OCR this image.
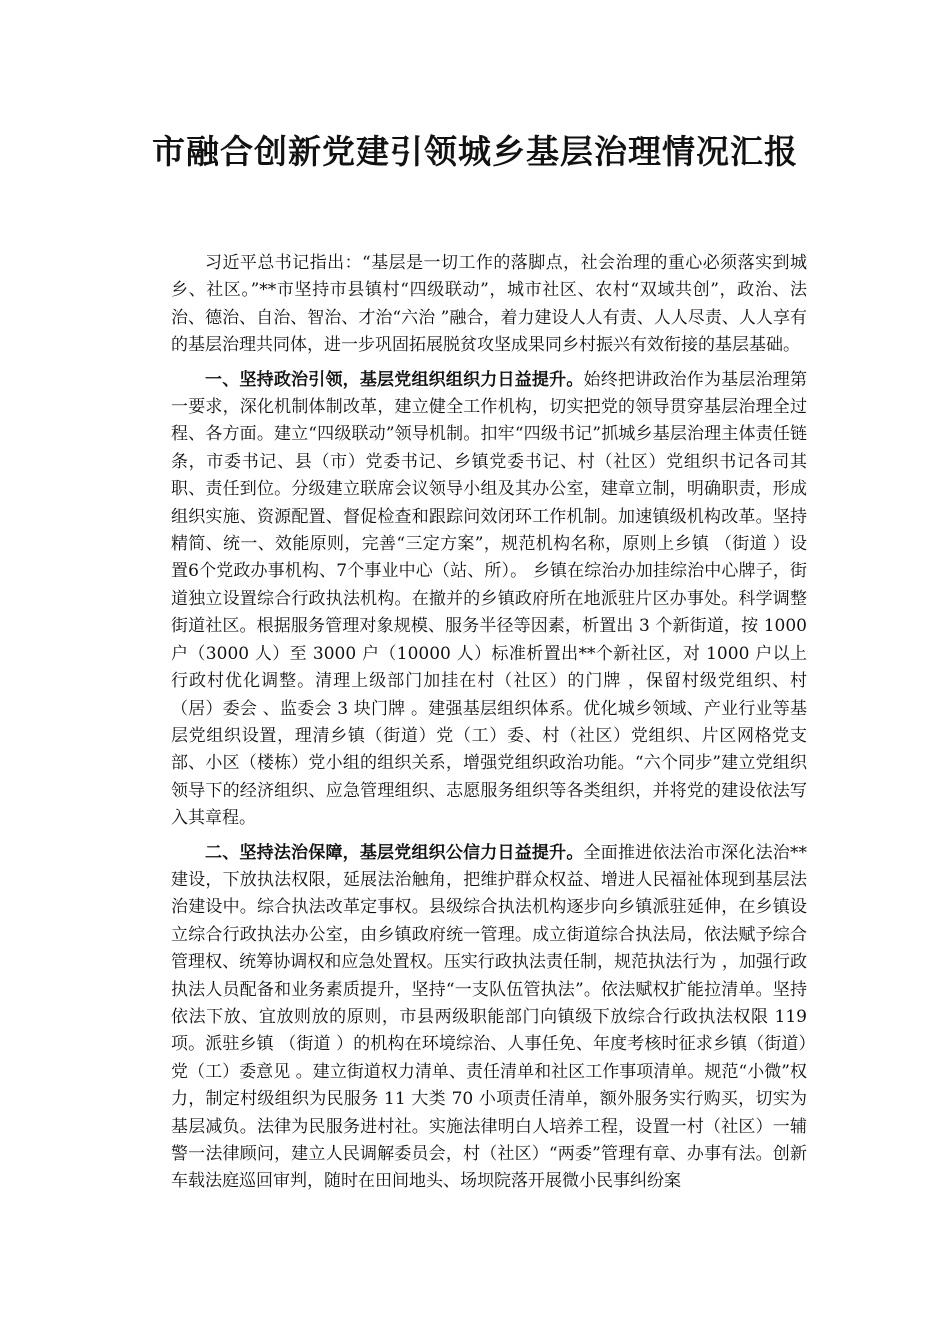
市融合创新党建引领城乡基层治理情况汇报

习近平总书记指出：“基层是一切工作的落脚点，社会治理的重心必须落实到城乡、社区。”**市坚持市县镇村“四级联动”，城市社区、农村“双域共创”，政治、法治、德治、自治、智治、才治“六治 ”融合，着力建设人人有责、人人尽责、人人享有的基层治理共同体，进一步巩固拓展脱贫攻坚成果同乡村振兴有效衔接的基层基础。

一、坚持政治引领，基层党组织组织力日益提升。始终把讲政治作为基层治理第一要求，深化机制体制改革，建立健全工作机构，切实把党的领导贯穿基层治理全过程、各方面。建立“四级联动”领导机制。扣牢“四级书记”抓城乡基层治理主体责任链条，市委书记、县（市）党委书记、乡镇党委书记、村（社区）党组织书记各司其职、责任到位。分级建立联席会议领导小组及其办公室，建章立制，明确职责，形成组织实施、资源配置、督促检查和跟踪问效闭环工作机制。加速镇级机构改革。坚持精简、统一、效能原则，完善“三定方案”，规范机构名称，原则上乡镇 （街道 ）设置6个党政办事机构、7个事业中心（站、所）。 乡镇在综治办加挂综治中心牌子，街道独立设置综合行政执法机构。在撤并的乡镇政府所在地派驻片区办事处。科学调整街道社区。根据服务管理对象规模、服务半径等因素，析置出 3 个新街道，按 1000 户（3000 人）至 3000 户（10000 人）标准析置出**个新社区，对 1000 户以上行政村优化调整。清理上级部门加挂在村（社区）的门牌 ，保留村级党组织、村（居）委会 、监委会 3 块门牌 。建强基层组织体系。优化城乡领域、产业行业等基层党组织设置，理清乡镇（街道）党（工）委、村（社区）党组织、片区网格党支部、小区（楼栋）党小组的组织关系，增强党组织政治功能。“六个同步”建立党组织领导下的经济组织、应急管理组织、志愿服务组织等各类组织，并将党的建设依法写入其章程。

二、坚持法治保障，基层党组织公信力日益提升。全面推进依法治市深化法治**建设，下放执法权限，延展法治触角，把维护群众权益、增进人民福祉体现到基层法治建设中。综合执法改革定事权。县级综合执法机构逐步向乡镇派驻延伸，在乡镇设立综合行政执法办公室，由乡镇政府统一管理。成立街道综合执法局，依法赋予综合管理权、统筹协调权和应急处置权。压实行政执法责任制，规范执法行为 ，加强行政执法人员配备和业务素质提升，坚持“一支队伍管执法”。依法赋权扩能拉清单。坚持依法下放、宜放则放的原则，市县两级职能部门向镇级下放综合行政执法权限 119 项。派驻乡镇 （街道 ）的机构在环境综治、人事任免、年度考核时征求乡镇（街道）党（工）委意见 。建立街道权力清单、责任清单和社区工作事项清单。规范“小微”权力，制定村级组织为民服务 11 大类 70 小项责任清单，额外服务实行购买，切实为基层减负。法律为民服务进村社。实施法律明白人培养工程，设置一村（社区）一辅警一法律顾问，建立人民调解委员会，村（社区）“两委”管理有章、办事有法。创新车载法庭巡回审判，随时在田间地头、场坝院落开展微小民事纠纷案
